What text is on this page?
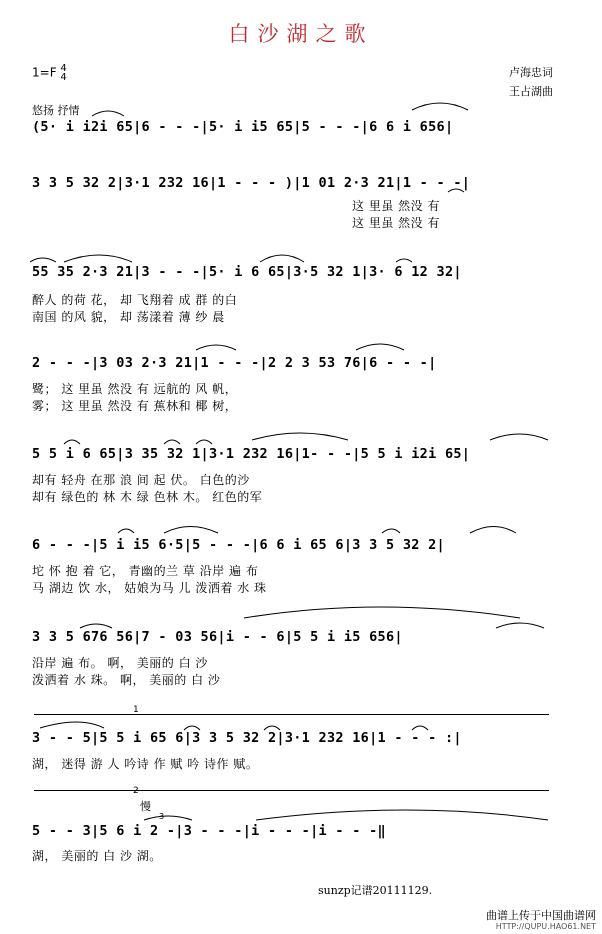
白沙湖之歌
1=F 4
4	卢海忠词
王占湖曲
悠扬 抒情
(5· i i2i 65|6 - - -|5· i i5 65|5 - - -|6 6 i 656|
3 3 5 32 2|3·1 232 16|1 - - - )|1 01 2·3 21|1 - - -|
这 里虽 然没 有
这 里虽 然没 有
55 35 2·3 21|3 - - -|5· i 6 65|3·5 32 1|3· 6 12 32|
醉人 的荷 花， 却 飞翔着 成 群 的白
南国 的风 貌， 却 荡漾着 薄 纱 晨
2 - - -|3 03 2·3 21|1 - - -|2 2 3 53 76|6 - - -|
鹭； 这 里虽 然没 有 远航的 风 帆，
雾； 这 里虽 然没 有 蕉林和 椰 树，
5 5 i 6 65|3 35 32 1|3·1 232 16|1- - -|5 5 i i2i 65|
却有 轻舟 在那 浪 间 起 伏。 白色的沙
却有 绿色的 林 木 绿 色林 木。 红色的军
6 - - -|5 i i5 6·5|5 - - -|6 6 i 65 6|3 3 5 32 2|
坨 怀 抱 着 它， 青幽的兰 草 沿岸 遍 布
马 湖边 饮 水， 姑娘为马 儿 泼洒着 水 珠
3 3 5 676 56|7 - 03 56|i - - 6|5 5 i i5 656|
沿岸 遍 布。 啊， 美丽的 白 沙
泼洒着 水 珠。 啊， 美丽的 白 沙
1
3 - - 5|5 5 i 65 6|3 3 5 32 2|3·1 232 16|1 - - - :|
湖， 迷得 游 人 吟诗 作 赋 吟 诗作 赋。
2
慢
3
5 - - 3|5 6 i 2 -|3 - - -|i - - -|i - - -‖
湖， 美丽的 白 沙 湖。
sunzp记谱20111129.
曲谱上传于中国曲谱网
HTTP://QUPU.HAO61.NET
